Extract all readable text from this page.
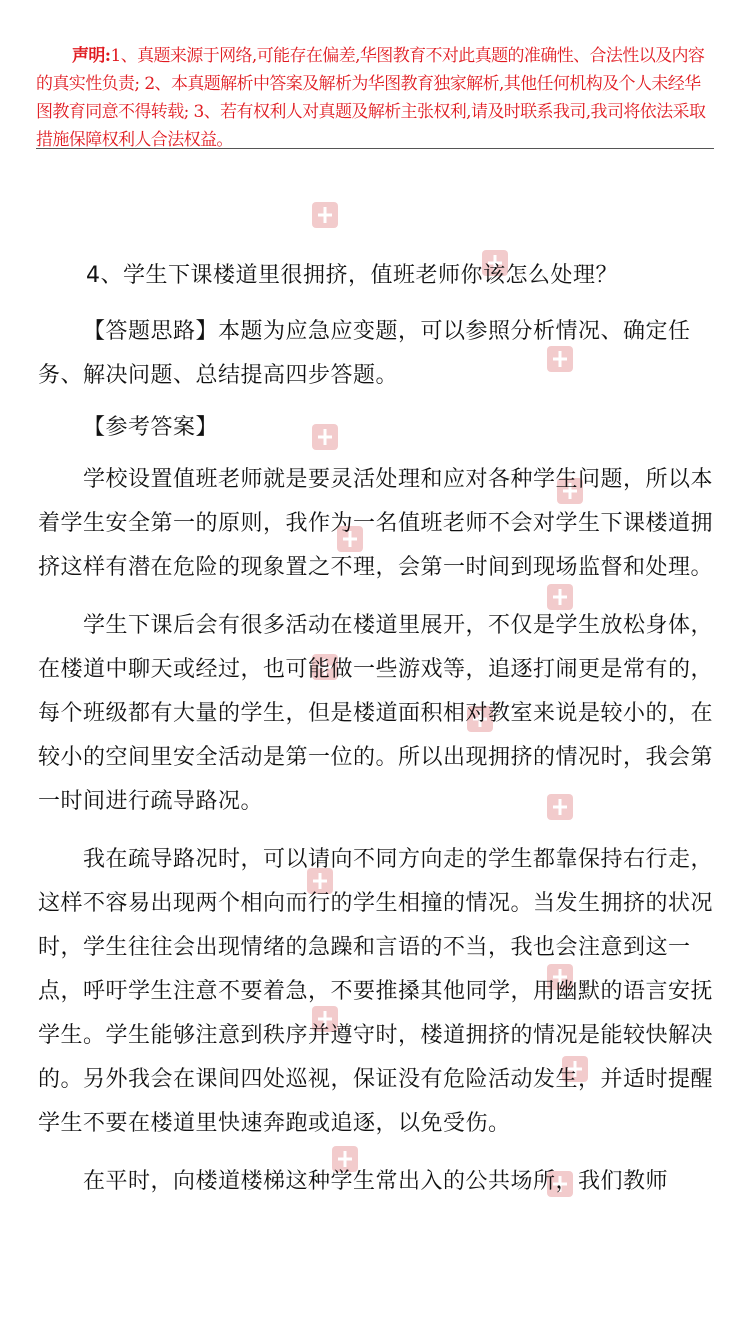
声明:1、真题来源于网络,可能存在偏差,华图教育不对此真题的准确性、合法性以及内容的真实性负责; 2、本真题解析中答案及解析为华图教育独家解析,其他任何机构及个人未经华图教育同意不得转载; 3、若有权利人对真题及解析主张权利,请及时联系我司,我司将依法采取措施保障权利人合法权益。

4、学生下课楼道里很拥挤，值班老师你该怎么处理？

【答题思路】本题为应急应变题，可以参照分析情况、确定任务、解决问题、总结提高四步答题。

【参考答案】

学校设置值班老师就是要灵活处理和应对各种学生问题，所以本着学生安全第一的原则，我作为一名值班老师不会对学生下课楼道拥挤这样有潜在危险的现象置之不理，会第一时间到现场监督和处理。

学生下课后会有很多活动在楼道里展开，不仅是学生放松身体，在楼道中聊天或经过，也可能做一些游戏等，追逐打闹更是常有的，每个班级都有大量的学生，但是楼道面积相对教室来说是较小的，在较小的空间里安全活动是第一位的。所以出现拥挤的情况时，我会第一时间进行疏导路况。

我在疏导路况时，可以请向不同方向走的学生都靠保持右行走，这样不容易出现两个相向而行的学生相撞的情况。当发生拥挤的状况时，学生往往会出现情绪的急躁和言语的不当，我也会注意到这一点，呼吁学生注意不要着急，不要推搡其他同学，用幽默的语言安抚学生。学生能够注意到秩序并遵守时，楼道拥挤的情况是能较快解决的。另外我会在课间四处巡视，保证没有危险活动发生，并适时提醒学生不要在楼道里快速奔跑或追逐，以免受伤。

在平时，向楼道楼梯这种学生常出入的公共场所，我们教师
